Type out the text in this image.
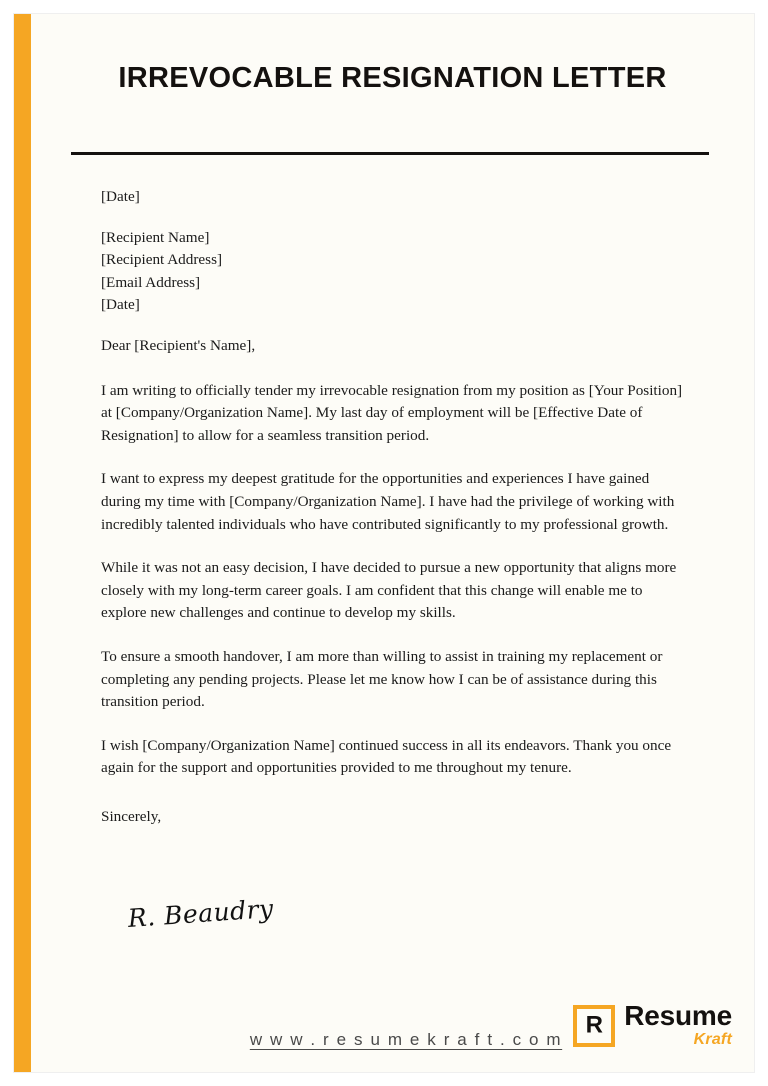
IRREVOCABLE RESIGNATION LETTER
[Date]
[Recipient Name]
[Recipient Address]
[Email Address]
[Date]

Dear [Recipient's Name],

I am writing to officially tender my irrevocable resignation from my position as [Your Position] at [Company/Organization Name]. My last day of employment will be [Effective Date of Resignation] to allow for a seamless transition period.

I want to express my deepest gratitude for the opportunities and experiences I have gained during my time with [Company/Organization Name]. I have had the privilege of working with incredibly talented individuals who have contributed significantly to my professional growth.

While it was not an easy decision, I have decided to pursue a new opportunity that aligns more closely with my long-term career goals. I am confident that this change will enable me to explore new challenges and continue to develop my skills.

To ensure a smooth handover, I am more than willing to assist in training my replacement or completing any pending projects. Please let me know how I can be of assistance during this transition period.

I wish [Company/Organization Name] continued success in all its endeavors. Thank you once again for the support and opportunities provided to me throughout my tenure.

Sincerely,

R. Beaudry
w w w . r e s u m e k r a f t . c o m
R
Resume
Kraft
